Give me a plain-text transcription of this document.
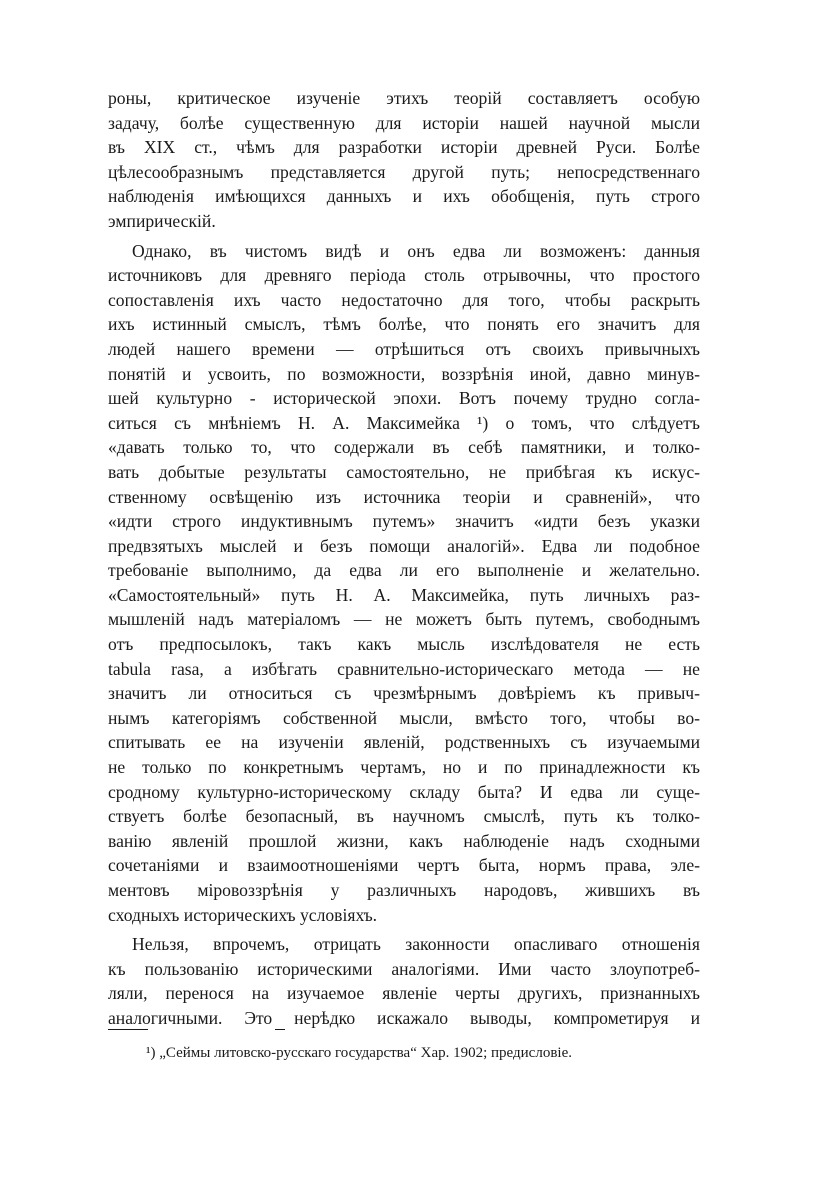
роны, критическое изученіе этихъ теорій составляетъ особую
задачу, болѣе существенную для исторіи нашей научной мысли
въ XIX ст., чѣмъ для разработки исторіи древней Руси. Болѣе
цѣлесообразнымъ представляется другой путь; непосредственнаго
наблюденія имѣющихся данныхъ и ихъ обобщенія, путь строго
эмпирическій.

Однако, въ чистомъ видѣ и онъ едва ли возможенъ: данныя
источниковъ для древняго періода столь отрывочны, что простого
сопоставленія ихъ часто недостаточно для того, чтобы раскрыть
ихъ истинный смыслъ, тѣмъ болѣе, что понять его значитъ для
людей нашего времени — отрѣшиться отъ своихъ привычныхъ
понятій и усвоить, по возможности, воззрѣнія иной, давно минув-
шей культурно - исторической эпохи. Вотъ почему трудно согла-
ситься съ мнѣніемъ Н. А. Максимейка ¹) о томъ, что слѣдуетъ
«давать только то, что содержали въ себѣ памятники, и толко-
вать добытые результаты самостоятельно, не прибѣгая къ искус-
ственному освѣщенію изъ источника теоріи и сравненій», что
«идти строго индуктивнымъ путемъ» значитъ «идти безъ указки
предвзятыхъ мыслей и безъ помощи аналогій». Едва ли подобное
требованіе выполнимо, да едва ли его выполненіе и желательно.
«Самостоятельный» путь Н. А. Максимейка, путь личныхъ раз-
мышленій надъ матеріаломъ — не можетъ быть путемъ, свободнымъ
отъ предпосылокъ, такъ какъ мысль изслѣдователя не есть
tabula rasa, а избѣгать сравнительно-историческаго метода — не
значитъ ли относиться съ чрезмѣрнымъ довѣріемъ къ привыч-
нымъ категоріямъ собственной мысли, вмѣсто того, чтобы во-
спитывать ее на изученіи явленій, родственныхъ съ изучаемыми
не только по конкретнымъ чертамъ, но и по принадлежности къ
сродному культурно-историческому складу быта? И едва ли суще-
ствуетъ болѣе безопасный, въ научномъ смыслѣ, путь къ толко-
ванію явленій прошлой жизни, какъ наблюденіе надъ сходными
сочетаніями и взаимоотношеніями чертъ быта, нормъ права, эле-
ментовъ міровоззрѣнія у различныхъ народовъ, жившихъ въ
сходныхъ историческихъ условіяхъ.

Нельзя, впрочемъ, отрицать законности опасливаго отношенія
къ пользованію историческими аналогіями. Ими часто злоупотреб-
ляли, перенося на изучаемое явленіе черты другихъ, признанныхъ
аналогичными. Это нерѣдко искажало выводы, компрометируя и

¹) „Сеймы литовско-русскаго государства“ Хар. 1902; предисловіе.
